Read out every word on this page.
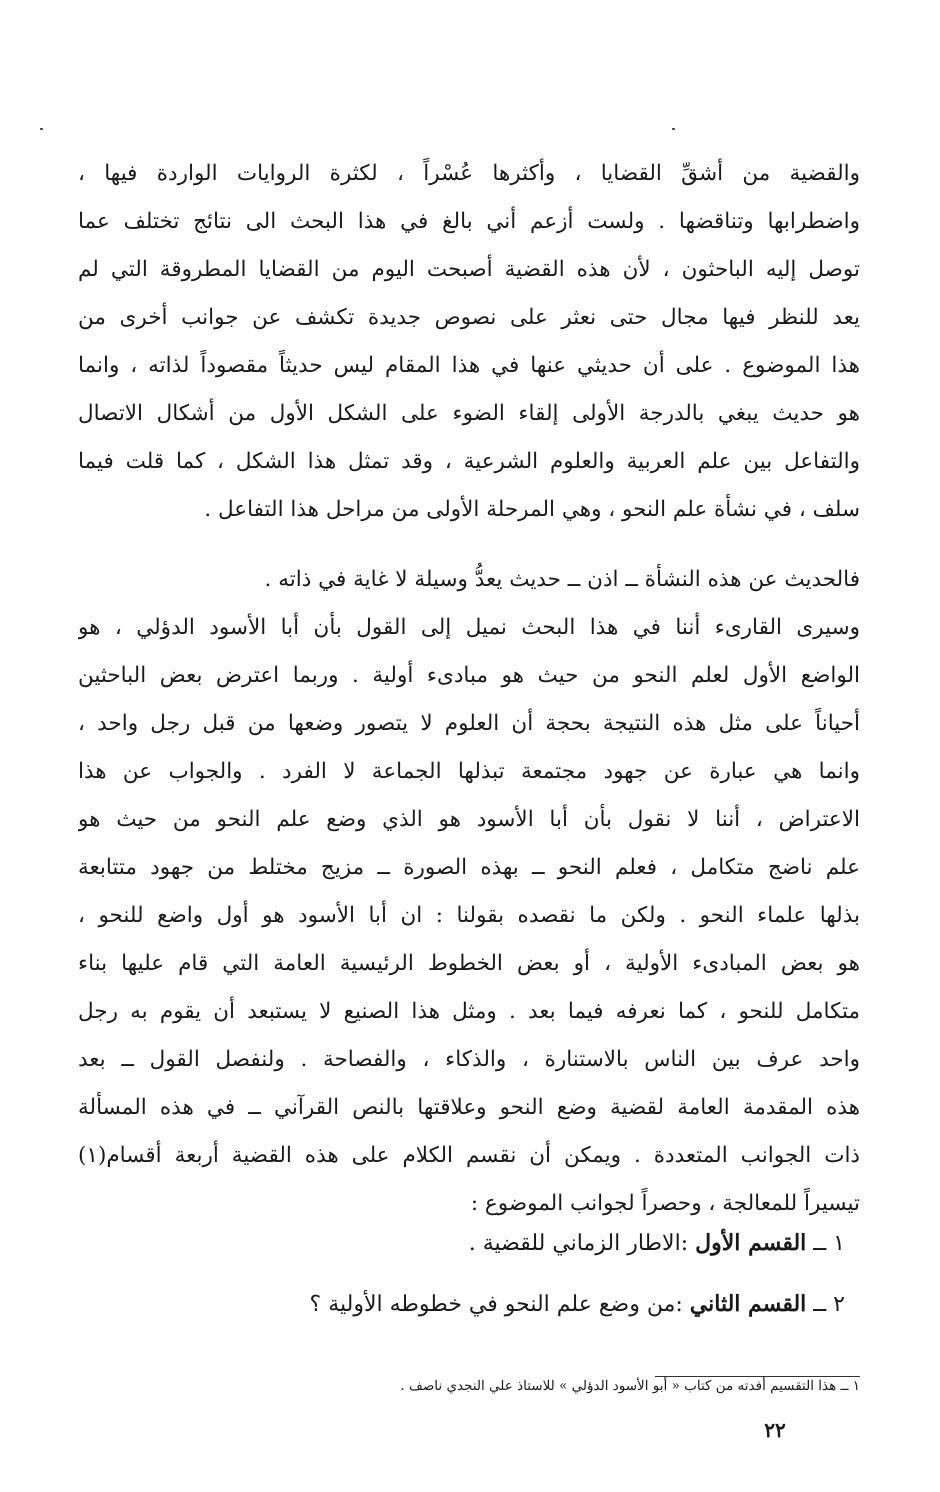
والقضية من أشقِّ القضايا ، وأكثرها عُسْراً ، لكثرة الروايات الواردة فيها ،
واضطرابها وتناقضها . ولست أزعم أني بالغ في هذا البحث الى نتائج تختلف عما
توصل إليه الباحثون ، لأن هذه القضية أصبحت اليوم من القضايا المطروقة التي لم
يعد للنظر فيها مجال حتى نعثر على نصوص جديدة تكشف عن جوانب أخرى من
هذا الموضوع . على أن حديثي عنها في هذا المقام ليس حديثاً مقصوداً لذاته ، وانما
هو حديث يبغي بالدرجة الأولى إلقاء الضوء على الشكل الأول من أشكال الاتصال
والتفاعل بين علم العربية والعلوم الشرعية ، وقد تمثل هذا الشكل ، كما قلت فيما
سلف ، في نشأة علم النحو ، وهي المرحلة الأولى من مراحل هذا التفاعل .
فالحديث عن هذه النشأة ــ اذن ــ حديث يعدُّ وسيلة لا غاية في ذاته .
وسيرى القارىء أننا في هذا البحث نميل إلى القول بأن أبا الأسود الدؤلي ، هو
الواضع الأول لعلم النحو من حيث هو مبادىء أولية . وربما اعترض بعض الباحثين
أحياناً على مثل هذه النتيجة بحجة أن العلوم لا يتصور وضعها من قبل رجل واحد ،
وانما هي عبارة عن جهود مجتمعة تبذلها الجماعة لا الفرد . والجواب عن هذا
الاعتراض ، أننا لا نقول بأن أبا الأسود هو الذي وضع علم النحو من حيث هو
علم ناضج متكامل ، فعلم النحو ــ بهذه الصورة ــ مزيج مختلط من جهود متتابعة
بذلها علماء النحو . ولكن ما نقصده بقولنا : ان أبا الأسود هو أول واضع للنحو ،
هو بعض المبادىء الأولية ، أو بعض الخطوط الرئيسية العامة التي قام عليها بناء
متكامل للنحو ، كما نعرفه فيما بعد . ومثل هذا الصنيع لا يستبعد أن يقوم به رجل
واحد عرف بين الناس بالاستنارة ، والذكاء ، والفصاحة . ولنفصل القول ــ بعد
هذه المقدمة العامة لقضية وضع النحو وعلاقتها بالنص القرآني ــ في هذه المسألة
ذات الجوانب المتعددة . ويمكن أن نقسم الكلام على هذه القضية أربعة أقسام(١)
تيسيراً للمعالجة ، وحصراً لجوانب الموضوع :
١ ــ القسم الأول :الاطار الزماني للقضية .
٢ ــ القسم الثاني :من وضع علم النحو في خطوطه الأولية ؟
١ ــ هذا التقسيم أفدته من كتاب « أبو الأسود الدؤلي » للاستاذ علي النجدي ناصف .
٢٢
